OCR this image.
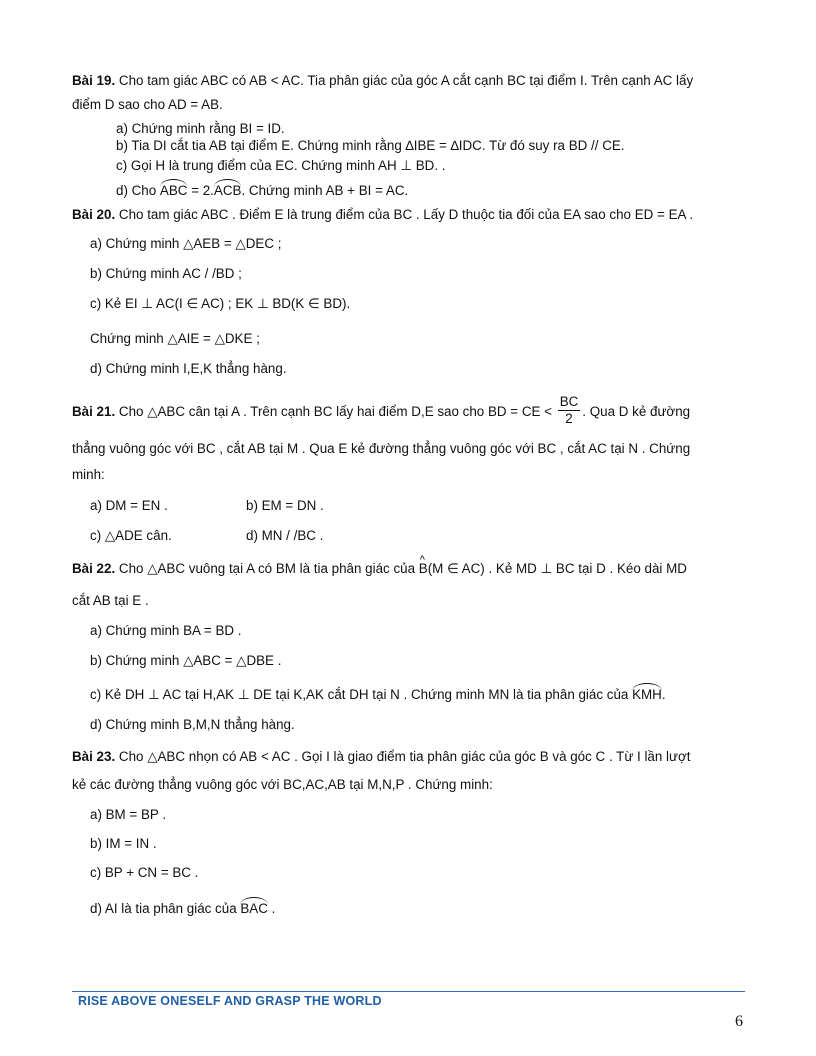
Bài 19. Cho tam giác ABC có AB < AC. Tia phân giác của góc A cắt cạnh BC tại điểm I. Trên cạnh AC lấy
điểm D sao cho AD = AB.
a) Chứng minh rằng BI = ID.
b) Tia DI cắt tia AB tại điểm E. Chứng minh rằng ∆IBE = ∆IDC. Từ đó suy ra BD // CE.
c) Gọi H là trung điểm của EC. Chứng minh AH ⊥ BD. .
d) Cho ABC = 2.ACB. Chứng minh AB + BI = AC.
Bài 20. Cho tam giác ABC . Điểm E là trung điểm của BC . Lấy D thuộc tia đối của EA sao cho ED = EA .
a) Chứng minh △AEB = △DEC ;
b) Chứng minh AC / /BD ;
c) Kẻ EI ⊥ AC(I ∈ AC) ; EK ⊥ BD(K ∈ BD).
Chứng minh △AIE = △DKE ;
d) Chứng minh I,E,K thẳng hàng.
Bài 21. Cho △ABC cân tại A . Trên cạnh BC lấy hai điểm D,E sao cho BD = CE < $\frac{BC}{2}$ . Qua D kẻ đường
thẳng vuông góc với BC , cắt AB tại M . Qua E kẻ đường thẳng vuông góc với BC , cắt AC tại N . Chứng
minh:
a) DM = EN .	b) EM = DN .
c) △ADE cân.	d) MN / /BC .
Bài 22. Cho △ABC vuông tại A có BM là tia phân giác của ^ B(M ∈ AC) . Kẻ MD ⊥ BC tại D . Kéo dài MD
cắt AB tại E .
a) Chứng minh BA = BD .
b) Chứng minh △ABC = △DBE .
c) Kẻ DH ⊥ AC tại H,AK ⊥ DE tại K,AK cắt DH tại N . Chứng minh MN là tia phân giác của KMH.
d) Chứng minh B,M,N thẳng hàng.
Bài 23. Cho △ABC nhọn có AB < AC . Gọi I là giao điểm tia phân giác của góc B và góc C . Từ I lần lượt
kẻ các đường thẳng vuông góc với BC,AC,AB tại M,N,P . Chứng minh:
a) BM = BP .
b) IM = IN .
c) BP + CN = BC .
d) AI là tia phân giác của BAC .
RISE ABOVE ONESELF AND GRASP THE WORLD
6
